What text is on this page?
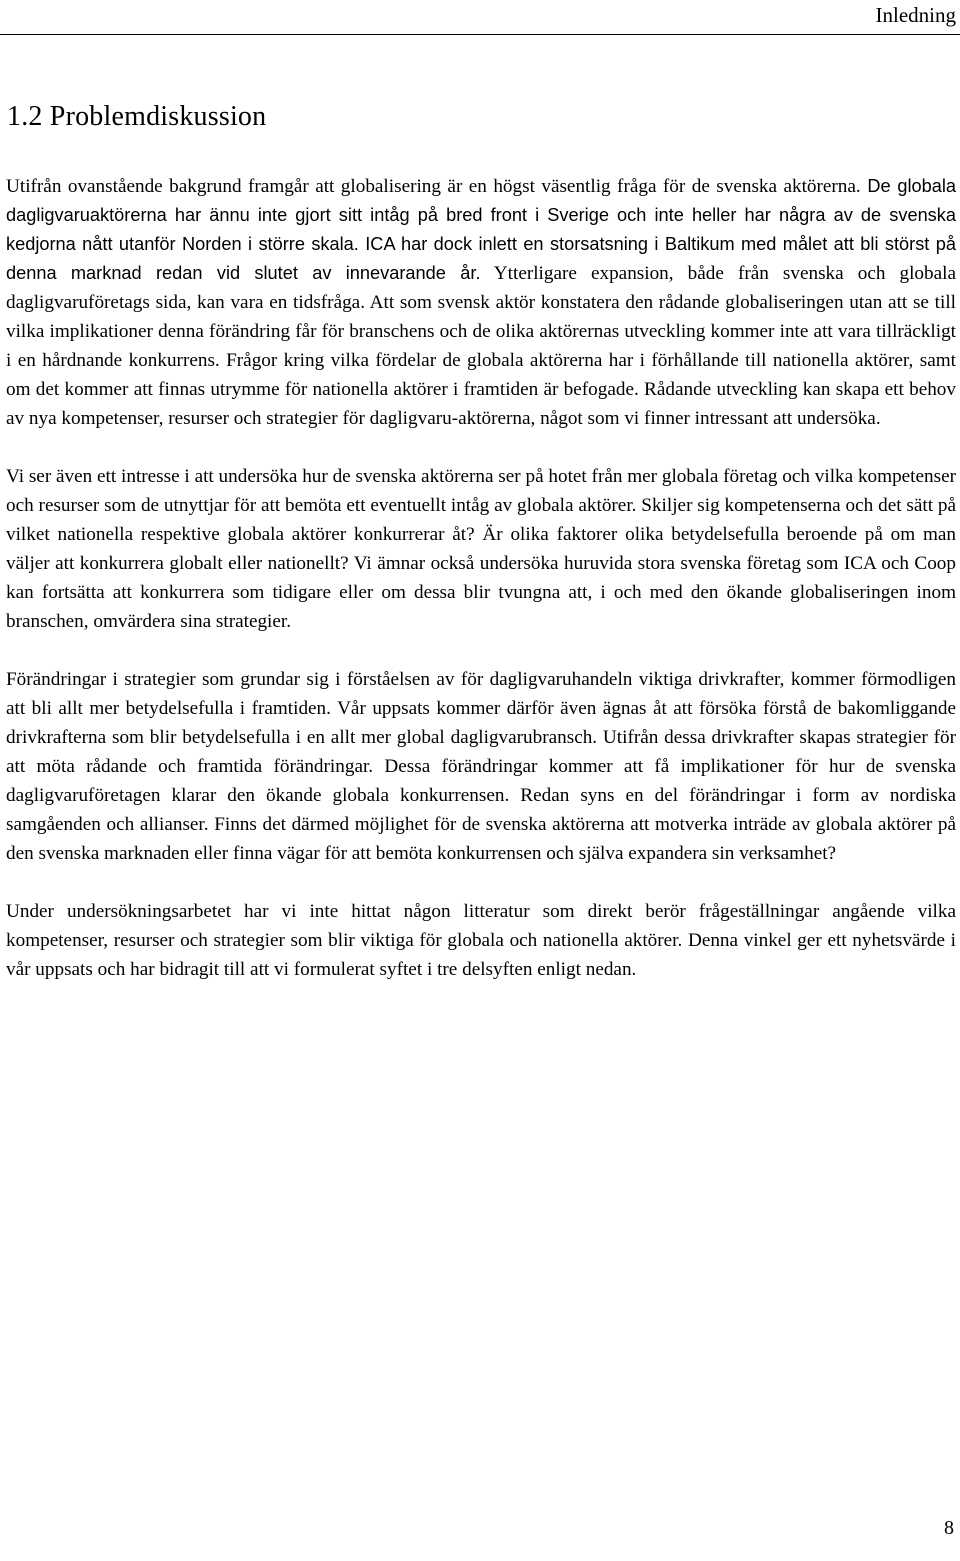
Inledning
1.2 Problemdiskussion

Utifrån ovanstående bakgrund framgår att globalisering är en högst väsentlig fråga för de svenska aktörerna. De globala dagligvaruaktörerna har ännu inte gjort sitt intåg på bred front i Sverige och inte heller har några av de svenska kedjorna nått utanför Norden i större skala. ICA har dock inlett en storsatsning i Baltikum med målet att bli störst på denna marknad redan vid slutet av innevarande år. Ytterligare expansion, både från svenska och globala dagligvaruföretags sida, kan vara en tidsfråga. Att som svensk aktör konstatera den rådande globaliseringen utan att se till vilka implikationer denna förändring får för branschens och de olika aktörernas utveckling kommer inte att vara tillräckligt i en hårdnande konkurrens. Frågor kring vilka fördelar de globala aktörerna har i förhållande till nationella aktörer, samt om det kommer att finnas utrymme för nationella aktörer i framtiden är befogade. Rådande utveckling kan skapa ett behov av nya kompetenser, resurser och strategier för dagligvaru-aktörerna, något som vi finner intressant att undersöka.

Vi ser även ett intresse i att undersöka hur de svenska aktörerna ser på hotet från mer globala företag och vilka kompetenser och resurser som de utnyttjar för att bemöta ett eventuellt intåg av globala aktörer. Skiljer sig kompetenserna och det sätt på vilket nationella respektive globala aktörer konkurrerar åt? Är olika faktorer olika betydelsefulla beroende på om man väljer att konkurrera globalt eller nationellt? Vi ämnar också undersöka huruvida stora svenska företag som ICA och Coop kan fortsätta att konkurrera som tidigare eller om dessa blir tvungna att, i och med den ökande globaliseringen inom branschen, omvärdera sina strategier.

Förändringar i strategier som grundar sig i förståelsen av för dagligvaruhandeln viktiga drivkrafter, kommer förmodligen att bli allt mer betydelsefulla i framtiden. Vår uppsats kommer därför även ägnas åt att försöka förstå de bakomliggande drivkrafterna som blir betydelsefulla i en allt mer global dagligvarubransch. Utifrån dessa drivkrafter skapas strategier för att möta rådande och framtida förändringar. Dessa förändringar kommer att få implikationer för hur de svenska dagligvaruföretagen klarar den ökande globala konkurrensen. Redan syns en del förändringar i form av nordiska samgåenden och allianser. Finns det därmed möjlighet för de svenska aktörerna att motverka inträde av globala aktörer på den svenska marknaden eller finna vägar för att bemöta konkurrensen och själva expandera sin verksamhet?

Under undersökningsarbetet har vi inte hittat någon litteratur som direkt berör frågeställningar angående vilka kompetenser, resurser och strategier som blir viktiga för globala och nationella aktörer. Denna vinkel ger ett nyhetsvärde i vår uppsats och har bidragit till att vi formulerat syftet i tre delsyften enligt nedan.

8
